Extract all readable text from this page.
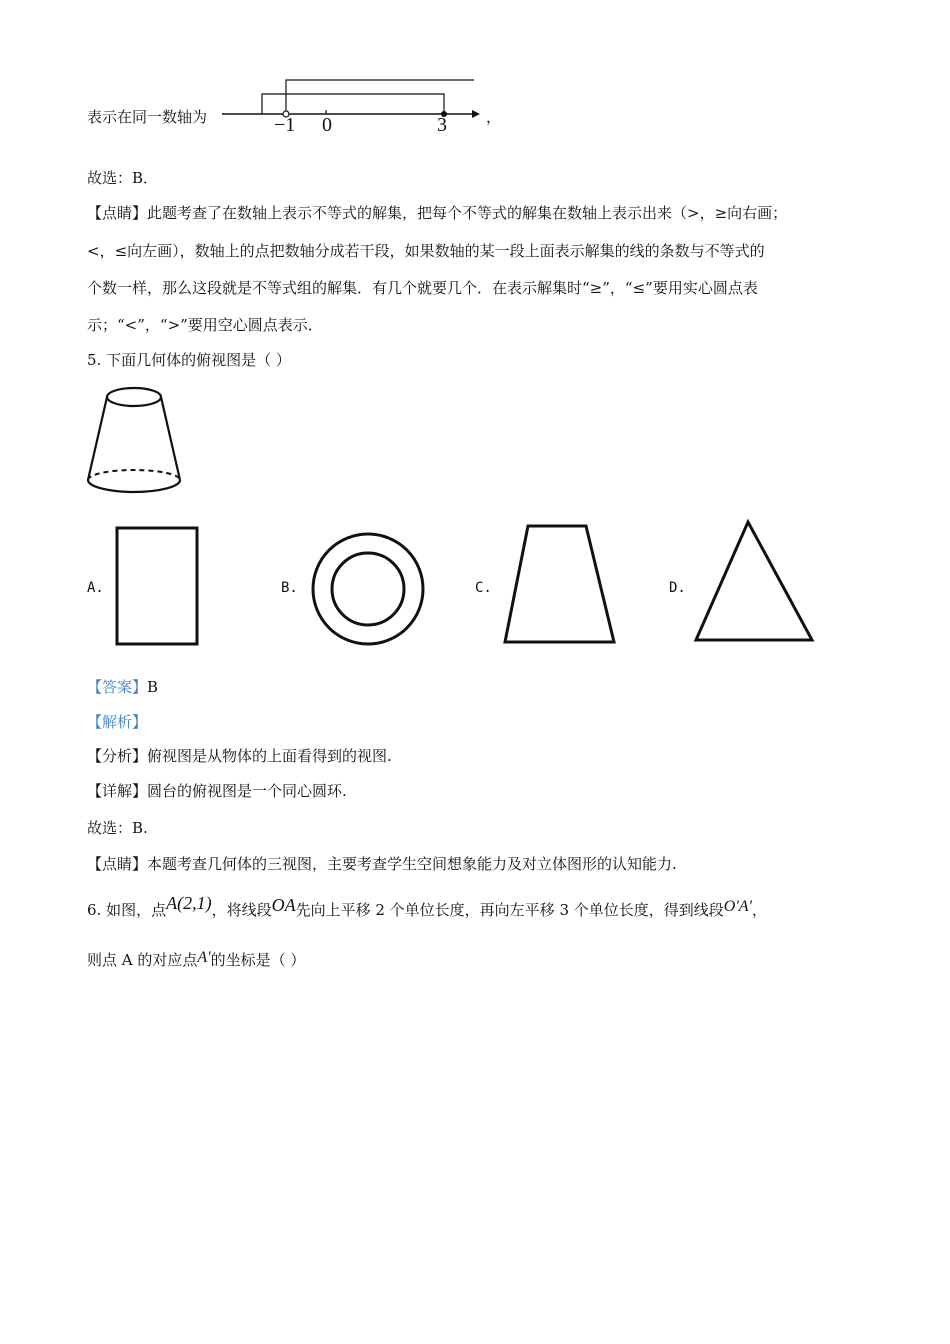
表示在同一数轴为	−1 0	3	，
故选：B．
【点睛】此题考查了在数轴上表示不等式的解集，把每个不等式的解集在数轴上表示出来（>，≥向右画；
<，≤向左画），数轴上的点把数轴分成若干段，如果数轴的某一段上面表示解集的线的条数与不等式的
个数一样，那么这段就是不等式组的解集．有几个就要几个．在表示解集时“≥”，“≤”要用实心圆点表
示；“<”，“>”要用空心圆点表示．
5. 下面几何体的俯视图是（ ）
A.	B.	C.	D.
【答案】B
【解析】
【分析】俯视图是从物体的上面看得到的视图.
【详解】圆台的俯视图是一个同心圆环.
故选：B.
【点睛】本题考查几何体的三视图，主要考查学生空间想象能力及对立体图形的认知能力.
6. 如图，点A(2,1)，将线段OA先向上平移 2 个单位长度，再向左平移 3 个单位长度，得到线段O'A'，
则点 A 的对应点A'的坐标是（ ）
